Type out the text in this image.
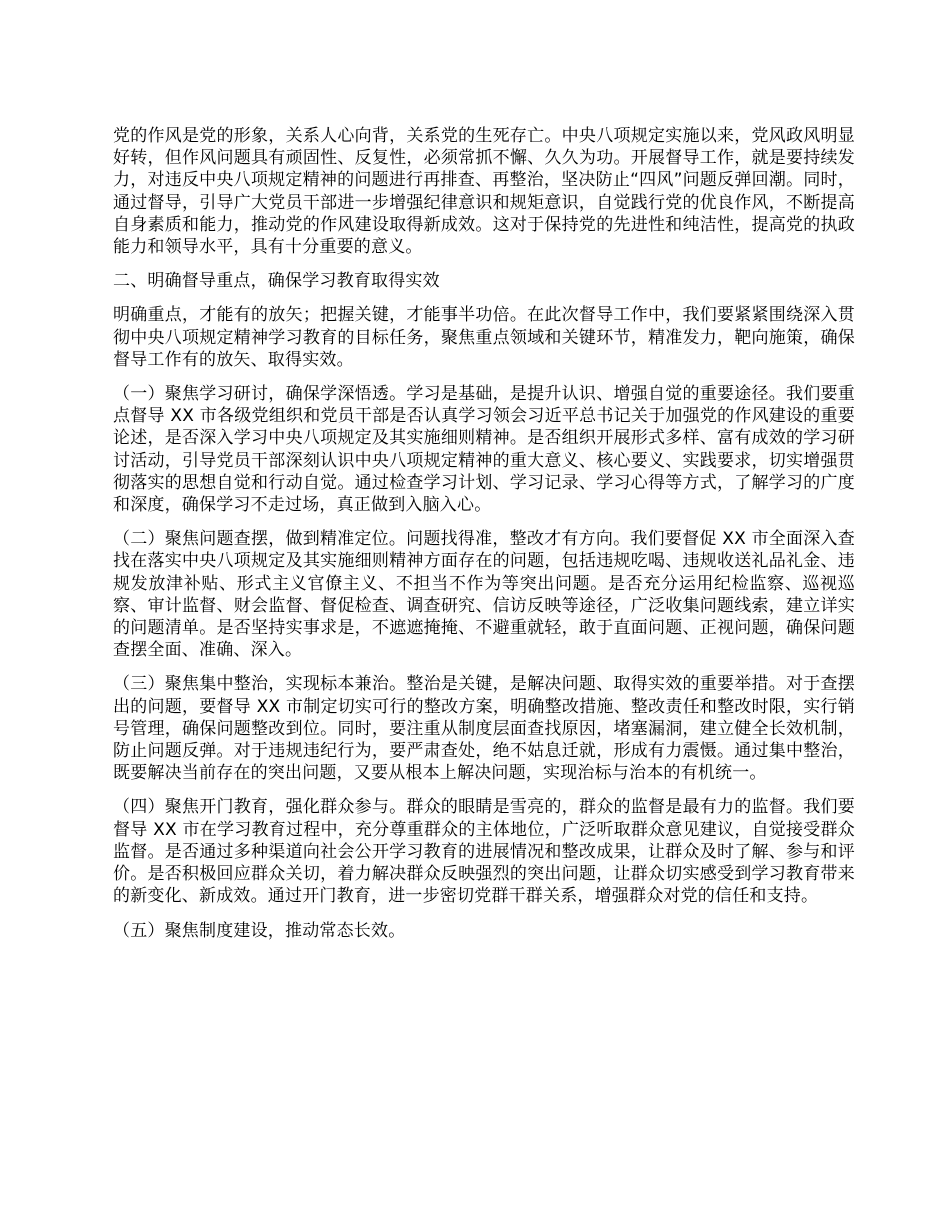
党的作风是党的形象，关系人心向背，关系党的生死存亡。中央八项规定实施以来，党风政风明显好转，但作风问题具有顽固性、反复性，必须常抓不懈、久久为功。开展督导工作，就是要持续发力，对违反中央八项规定精神的问题进行再排查、再整治，坚决防止“四风”问题反弹回潮。同时，通过督导，引导广大党员干部进一步增强纪律意识和规矩意识，自觉践行党的优良作风，不断提高自身素质和能力，推动党的作风建设取得新成效。这对于保持党的先进性和纯洁性，提高党的执政能力和领导水平，具有十分重要的意义。

二、明确督导重点，确保学习教育取得实效

明确重点，才能有的放矢；把握关键，才能事半功倍。在此次督导工作中，我们要紧紧围绕深入贯彻中央八项规定精神学习教育的目标任务，聚焦重点领域和关键环节，精准发力，靶向施策，确保督导工作有的放矢、取得实效。

（一）聚焦学习研讨，确保学深悟透。学习是基础，是提升认识、增强自觉的重要途径。我们要重点督导 XX 市各级党组织和党员干部是否认真学习领会习近平总书记关于加强党的作风建设的重要论述，是否深入学习中央八项规定及其实施细则精神。是否组织开展形式多样、富有成效的学习研讨活动，引导党员干部深刻认识中央八项规定精神的重大意义、核心要义、实践要求，切实增强贯彻落实的思想自觉和行动自觉。通过检查学习计划、学习记录、学习心得等方式，了解学习的广度和深度，确保学习不走过场，真正做到入脑入心。

（二）聚焦问题查摆，做到精准定位。问题找得准，整改才有方向。我们要督促 XX 市全面深入查找在落实中央八项规定及其实施细则精神方面存在的问题，包括违规吃喝、违规收送礼品礼金、违规发放津补贴、形式主义官僚主义、不担当不作为等突出问题。是否充分运用纪检监察、巡视巡察、审计监督、财会监督、督促检查、调查研究、信访反映等途径，广泛收集问题线索，建立详实的问题清单。是否坚持实事求是，不遮遮掩掩、不避重就轻，敢于直面问题、正视问题，确保问题查摆全面、准确、深入。

（三）聚焦集中整治，实现标本兼治。整治是关键，是解决问题、取得实效的重要举措。对于查摆出的问题，要督导 XX 市制定切实可行的整改方案，明确整改措施、整改责任和整改时限，实行销号管理，确保问题整改到位。同时，要注重从制度层面查找原因，堵塞漏洞，建立健全长效机制，防止问题反弹。对于违规违纪行为，要严肃查处，绝不姑息迁就，形成有力震慑。通过集中整治，既要解决当前存在的突出问题，又要从根本上解决问题，实现治标与治本的有机统一。

（四）聚焦开门教育，强化群众参与。群众的眼睛是雪亮的，群众的监督是最有力的监督。我们要督导 XX 市在学习教育过程中，充分尊重群众的主体地位，广泛听取群众意见建议，自觉接受群众监督。是否通过多种渠道向社会公开学习教育的进展情况和整改成果，让群众及时了解、参与和评价。是否积极回应群众关切，着力解决群众反映强烈的突出问题，让群众切实感受到学习教育带来的新变化、新成效。通过开门教育，进一步密切党群干群关系，增强群众对党的信任和支持。

（五）聚焦制度建设，推动常态长效。
